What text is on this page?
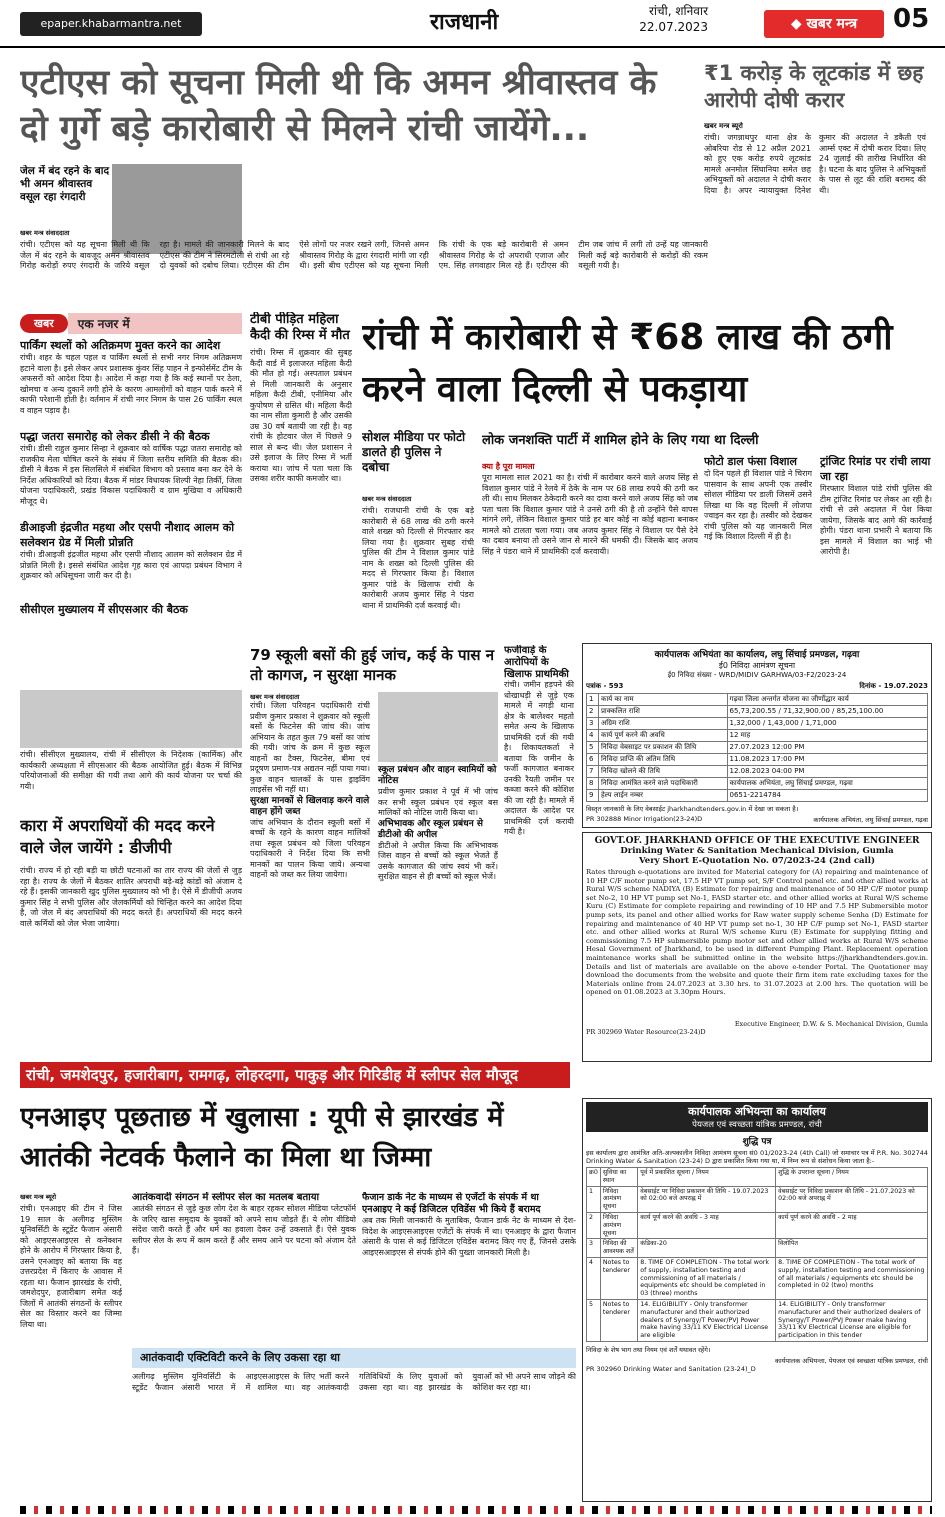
epaper.khabarmantra.net	राजधानी	रांची, शनिवार
22.07.2023	◆ खबर मन्त्र	05
एटीएस को सूचना मिली थी कि अमन श्रीवास्तव के दो गुर्गे बड़े कारोबारी से मिलने रांची जायेंगे...
₹1 करोड़ के लूटकांड में छह आरोपी दोषी करार
खबर मन्त्र ब्यूरो
रांची। जगन्नाथपुर थाना क्षेत्र के ओबरिया रोड से 12 अप्रैल 2021 को हुए एक करोड़ रुपये लूटकांड मामले अनमोल सिंघानिया समेत छह अभियुक्तों को अदालत ने दोषी करार दिया है। अपर न्यायायुक्त दिनेश कुमार की अदालत ने डकैती एवं आर्म्स एक्ट में दोषी करार दिया। लिए 24 जुलाई की तारीख निर्धारित की है। घटना के बाद पुलिस ने अभियुक्तों के पास से लूट की राशि बरामद की थी।
जेल में बंद रहने के बाद भी अमन श्रीवास्तव वसूल रहा रंगदारी
खबर मन्त्र संवाददाता
रांची। एटीएस को यह सूचना मिली थी कि जेल में बंद रहने के बावजूद अमन श्रीवास्तव गिरोह करोड़ों रुपए रंगदारी के जरिये वसूल रहा है। मामले की जानकारी मिलने के बाद एटीएस की टीम ने सिरमटोली से रांची आ रहे दो युवकों को दबोच लिया। एटीएस की टीम ऐसे लोगों पर नजर रखने लगी, जिनसे अमन श्रीवास्तव गिरोह के द्वारा रंगदारी मांगी जा रही थी। इसी बीच एटीएस को यह सूचना मिली कि रांची के एक बड़े कारोबारी से अमन श्रीवास्तव गिरोह के दो अपराधी एजाज और एम. सिंह लगवाहार मिल रहे हैं। एटीएस की टीम जब जांच में लगी तो उन्हें यह जानकारी मिली कई बड़े कारोबारी से करोड़ों की रकम वसूली गयी है।
खबर	एक नजर में
पार्किंग स्थलों को अतिक्रमण मुक्त करने का आदेश
रांची। शहर के चहल पहल व पार्किंग स्थलों से सभी नगर निगम अतिक्रमण हटाने वाला है। इसे लेकर अपर प्रशासक कुंवर सिंह पाहन ने इन्फोर्समेंट टीम के अफसरों को आदेश दिया है। आदेश में कहा गया है कि कई स्थानों पर ठेला, खोमचा व अन्य दुकानें लगी होने के कारण आमलोगों को वाहन पार्क करने में काफी परेशानी होती है। वर्तमान में रांची नगर निगम के पास 26 पार्किंग स्थल व वाहन पड़ाव है।
पद्धा जतरा समारोह को लेकर डीसी ने की बैठक
रांची। डीसी राहुल कुमार सिन्हा ने शुक्रवार को वार्षिक पद्धा जतरा समारोह को राजकीय मेला घोषित करने के संबंध में जिला स्तरीय समिति की बैठक की। डीसी ने बैठक में इस सिलसिले में संबंधित विभाग को प्रस्ताव बना कर देने के निर्देश अधिकारियों को दिया। बैठक में मांडर विधायक शिल्पी नेहा तिर्की, जिला योजना पदाधिकारी, प्रखंड विकास पदाधिकारी व ग्राम मुखिया व अधिकारी मौजूद थे।
डीआइजी इंद्रजीत महथा और एसपी नौशाद आलम को सलेक्शन ग्रेड में मिली प्रोन्नति
रांची। डीआइजी इंद्रजीत महथा और एसपी नौशाद आलम को सलेक्शन ग्रेड में प्रोन्नति मिली है। इससे संबंधित आदेश गृह कारा एवं आपदा प्रबंधन विभाग ने शुक्रवार को अधिसूचना जारी कर दी है।
सीसीएल मुख्यालय में सीएसआर की बैठक
रांची। सीसीएल मुख्यालय, रांची में सीसीएल के निदेशक (कार्मिक) और कार्यकारी अध्यक्षता में सीएसआर की बैठक आयोजित हुई। बैठक में विभिन्न परियोजनाओं की समीक्षा की गयी तथा आगे की कार्य योजना पर चर्चा की गयी।
कारा में अपराधियों की मदद करने वाले जेल जायेंगे : डीजीपी
रांची। राज्य में हो रही बड़ी या छोटी घटनाओं का तार राज्य की जेलों से जुड़ रहा है। राज्य के जेलों में बैठकर शातिर अपराधी बड़े-बड़े कांडों को अंजाम दे रहे हैं। इसकी जानकारी खुद पुलिस मुख्यालय को भी है। ऐसे में डीजीपी अजय कुमार सिंह ने सभी पुलिस और जेलकर्मियों को चिन्हित करने का आदेश दिया है, जो जेल में बंद अपराधियों की मदद करते हैं। अपराधियों की मदद करने वाले कर्मियों को जेल भेजा जायेगा।
टीबी पीड़ित महिला कैदी की रिम्स में मौत
रांची। रिम्स में शुक्रवार की सुबह कैदी वार्ड में इलाजरत महिला कैदी की मौत हो गई। अस्पताल प्रबंधन से मिली जानकारी के अनुसार महिला कैदी टीबी, एनीमिया और कुपोषण से ग्रसित थी। महिला कैदी का नाम सीता कुमारी है और उसकी उम्र 30 वर्ष बतायी जा रही है। वह रांची के होटवार जेल में पिछले 9 साल से बन्द थी। जेल प्रशासन ने उसे इलाज के लिए रिम्स में भर्ती कराया था। जांच में पता चला कि उसका शरीर काफी कमजोर था।
रांची में कारोबारी से ₹68 लाख की ठगी करने वाला दिल्ली से पकड़ाया
सोशल मीडिया पर फोटो डालते ही पुलिस ने दबोचा
खबर मन्त्र संवाददाता
रांची। राजधानी रांची के एक बड़े कारोबारी से 68 लाख की ठगी करने वाले शख्स को दिल्ली से गिरफ्तार कर लिया गया है। शुक्रवार सुबह रांची पुलिस की टीम ने विशाल कुमार पांडे नाम के शख्स को दिल्ली पुलिस की मदद से गिरफ्तार किया है। विशाल कुमार पांडे के खिलाफ रांची के कारोबारी अजय कुमार सिंह ने पंडरा थाना में प्राथमिकी दर्ज करवाई थी।
लोक जनशक्ति पार्टी में शामिल होने के लिए गया था दिल्ली
क्या है पूरा मामला
पूरा मामला साल 2021 का है। रांची में कारोबार करने वाले अजय सिंह से विशाल कुमार पांडे ने रेलवे में ठेके के नाम पर 68 लाख रुपये की ठगी कर ली थी। साथ मिलकर ठेकेदारी करने का दावा करने वाले अजय सिंह को जब पता चला कि विशाल कुमार पांडे ने उनसे ठगी की है तो उन्होंने पैसे वापस मांगने लगे, लेकिन विशाल कुमार पांडे हर बार कोई ना कोई बहाना बनाकर मामले को टालता चला गया। जब अजय कुमार सिंह ने विशाल पर पैसे देने का दबाव बनाया तो उसने जान से मारने की धमकी दी। जिसके बाद अजय सिंह ने पंडरा थाने में प्राथमिकी दर्ज करवायी।
फोटो डाल फंसा विशाल
दो दिन पहले ही विशाल पांडे ने चिराग पासवान के साथ अपनी एक तस्वीर सोशल मीडिया पर डाली जिसमें उसने लिखा था कि वह दिल्ली में लोजपा ज्वाइन कर रहा है। तस्वीर को देखकर रांची पुलिस को यह जानकारी मिल गई कि विशाल दिल्ली में ही है।
ट्रांजिट रिमांड पर रांची लाया जा रहा
गिरफ्तार विशाल पांडे रांची पुलिस की टीम ट्रांजिट रिमांड पर लेकर आ रही है। रांची से उसे अदालत में पेश किया जायेगा, जिसके बाद आगे की कार्रवाई होगी। पंडरा थाना प्रभारी ने बताया कि इस मामले में विशाल का भाई भी आरोपी है।
79 स्कूली बसों की हुई जांच, कई के पास न तो कागज, न सुरक्षा मानक
खबर मन्त्र संवाददाता
रांची। जिला परिवहन पदाधिकारी रांची प्रवीण कुमार प्रकाश ने शुक्रवार को स्कूली बसों के फिटनेस की जांच की। जांच अभियान के तहत कुल 79 बसों का जांच की गयी। जांच के क्रम में कुछ स्कूल वाहनों का टैक्स, फिटनेस, बीमा एवं प्रदूषण प्रमाण-पत्र अद्यतन नहीं पाया गया। कुछ वाहन चालकों के पास ड्राइविंग लाइसेंस भी नहीं था।
सुरक्षा मानकों से खिलवाड़ करने वाले वाहन होंगे जब्त
जांच अभियान के दौरान स्कूली बसों में बच्चों के रहने के कारण वाहन मालिकों तथा स्कूल प्रबंधन को जिला परिवहन पदाधिकारी ने निर्देश दिया कि सभी मानकों का पालन किया जाये। अन्यथा वाहनों को जब्त कर लिया जायेगा।
स्कूल प्रबंधन और वाहन स्वामियों को नोटिस
प्रवीण कुमार प्रकाश ने पूर्व में भी जांच कर सभी स्कूल प्रबंधन एवं स्कूल बस मालिकों को नोटिस जारी किया था।
अभिभावक और स्कूल प्रबंधन से डीटीओ की अपील
डीटीओ ने अपील किया कि अभिभावक जिस वाहन से बच्चों को स्कूल भेजते हैं उसके कागजात की जांच स्वयं भी करें। सुरक्षित वाहन से ही बच्चों को स्कूल भेजें।
फर्जीवाड़े के आरोपियों के खिलाफ प्राथमिकी
रांची। जमीन हड़पने की धोखाधड़ी से जुड़े एक मामले में नगड़ी थाना क्षेत्र के बालेश्वर महतो समेत अन्य के खिलाफ प्राथमिकी दर्ज की गयी है। शिकायतकर्ता ने बताया कि जमीन के फर्जी कागजात बनाकर उनकी रैयती जमीन पर कब्जा करने की कोशिश की जा रही है। मामले में अदालत के आदेश पर प्राथमिकी दर्ज करायी गयी है।
कार्यपालक अभियंता का कार्यालय, लघु सिंचाई प्रमण्डल, गढ़वा
ई0 निविदा आमंत्रण सूचना
ई0 निविदा संख्या - WRD/MIDIV GARHWA/03-F2/2023-24
पत्रांक - 593	दिनांक - 19.07.2023
1	कार्य का नाम	गढ़वा जिला अन्तर्गत योजना का जीर्णोद्धार कार्य
2	प्राक्कलित राशि	65,73,200.55 / 71,32,900.00 / 85,25,100.00
3	अग्रिम राशि	1,32,000 / 1,43,000 / 1,71,000
4	कार्य पूर्ण करने की अवधि	12 माह
5	निविदा वेबसाइट पर प्रकाशन की तिथि	27.07.2023 12:00 PM
6	निविदा प्राप्ति की अंतिम तिथि	11.08.2023 17:00 PM
7	निविदा खोलने की तिथि	12.08.2023 04:00 PM
8	निविदा आमंत्रित करने वाले पदाधिकारी	कार्यपालक अभियंता, लघु सिंचाई प्रमण्डल, गढ़वा
9	हेल्प लाईन नम्बर	0651-2214784
विस्तृत जानकारी के लिए वेबसाईट jharkhandtenders.gov.in में देखा जा सकता है।
PR 302888 Minor Irrigation(23-24)D	कार्यपालक अभियंता, लघु सिंचाई प्रमण्डल, गढ़वा
GOVT.OF. JHARKHAND OFFICE OF THE EXECUTIVE ENGINEER
Drinking Water & Sanitation Mechanical Division, Gumla
Very Short E-Quotation No. 07/2023-24 (2nd call)
Rates through e-quotations are invited for Material category for (A) repairing and maintenance of 10 HP C/F motor pump set, 17.5 HP VT pump set, S/F Control panel etc. and other allied works at Rural W/S scheme NADIYA (B) Estimate for repairing and maintenance of 50 HP C/F motor pump set No-2, 10 HP VT pump set No-1, FASD starter etc. and other allied works at Rural W/S scheme Kuru (C) Estimate for complete repairing and rewinding of 10 HP and 7.5 HP Submersible motor pump sets, its panel and other allied works for Raw water supply scheme Senha (D) Estimate for repairing and maintenance of 40 HP VT pump set no-1, 30 HP C/F pump set No-1, FASD starter etc. and other allied works at Rural W/S scheme Kuru (E) Estimate for supplying fitting and commissioning 7.5 HP submersible pump motor set and other allied works at Rural W/S scheme Hesal Government of Jharkhand, to be used in different Pumping Plant. Replacement operation maintenance works shall be submitted online in the website https://jharkhandtenders.gov.in. Details and list of materials are available on the above e-tender Portal. The Quotationer may download the documents from the website and quote their firm item rate excluding taxes for the Materials online from 24.07.2023 at 3.30 hrs. to 31.07.2023 at 2.00 hrs. The quotation will be opened on 01.08.2023 at 3.30pm Hours.
Executive Engineer, D.W. & S. Mechanical Division, Gumla
PR 302969 Water Resource(23-24)D
रांची, जमशेदपुर, हजारीबाग, रामगढ़, लोहरदगा, पाकुड़ और गिरिडीह में स्लीपर सेल मौजूद
एनआइए पूछताछ में खुलासा : यूपी से झारखंड में आतंकी नेटवर्क फैलाने का मिला था जिम्मा
खबर मन्त्र ब्यूरो
रांची। एनआइए की टीम ने जिस 19 साल के अलीगढ़ मुस्लिम यूनिवर्सिटी के स्टूडेंट फैजान अंसारी को आइएसआइएस से कनेक्शन होने के आरोप में गिरफ्तार किया है, उसने एनआइए को बताया कि वह उत्तरप्रदेश में किराए के आवास में रहता था। फैजान झारखंड के रांची, जमशेदपुर, हजारीबाग समेत कई जिलों में आतंकी संगठनों के स्लीपर सेल का विस्तार करने का जिम्मा लिया था।
आतंकवादी संगठन में स्लीपर सेल का मतलब बताया
आतंकी संगठन से जुड़े कुछ लोग देश के बाहर रहकर सोशल मीडिया प्लेटफॉर्म के जरिए खास समुदाय के युवकों को अपने साथ जोड़ते हैं। ये लोग वीडियो संदेश जारी करते हैं और धर्म का हवाला देकर उन्हें उकसाते हैं। ऐसे युवक स्लीपर सेल के रूप में काम करते हैं और समय आने पर घटना को अंजाम देते हैं।
फैजान डार्क नेट के माध्यम से एजेंटों के संपर्क में था
एनआइए ने कई डिजिटल एविडेंस भी किये हैं बरामद
अब तक मिली जानकारी के मुताबिक, फैजान डार्क नेट के माध्यम से देश-विदेश के आइएसआइएस एजेंटों के संपर्क में था। एनआइए के द्वारा फैजान अंसारी के पास से कई डिजिटल एविडेंस बरामद किए गए हैं, जिनसे उसके आइएसआइएस से संपर्क होने की पुख्ता जानकारी मिली है।
आतंकवादी एक्टिविटी करने के लिए उकसा रहा था
अलीगढ़ मुस्लिम यूनिवर्सिटी के स्टूडेंट फैजान अंसारी भारत में आइएसआइएस के लिए भर्ती करने में शामिल था। वह आतंकवादी गतिविधियों के लिए युवाओं को उकसा रहा था। वह झारखंड के युवाओं को भी अपने साथ जोड़ने की कोशिश कर रहा था।
कार्यपालक अभियन्ता का कार्यालय
पेयजल एवं स्वच्छता यांत्रिक प्रमण्डल, रांची
शुद्धि पत्र
इस कार्यालय द्वारा आमंत्रित अति-अल्पकालीन निविदा आमंत्रण सूचना सं0 01/2023-24 (4th Call) जो समाचार पत्र में P.R. No. 302744 Drinking Water & Sanitation (23-24) D द्वारा प्रकाशित किया गया था, में निम्न रूप से संशोधन किया जाता है:-
क्र0	सुविधा का स्थान	पूर्व में प्रकाशित सूचना / नियम	शुद्धि के उपरान्त सूचना / नियम
1	निविदा आमंत्रण सूचना	वेबसाईट पर निविदा प्रकाशन की तिथि - 19.07.2023 को 02:00 बजे अपराह्न में	वेबसाईट पर निविदा प्रकाशन की तिथि - 21.07.2023 को 02:00 बजे अपराह्न में
2	निविदा आमंत्रण सूचना	कार्य पूर्ण करने की अवधि - 3 माह	कार्य पूर्ण करने की अवधि - 2 माह
3	निविदा की आवश्यक शर्तें	कंडिका-20	विलोपित
4	Notes to tenderer	8. TIME OF COMPLETION - The total work of supply, installation testing and commissioning of all materials / equipments etc should be completed in 03 (three) months	8. TIME OF COMPLETION - The total work of supply, installation testing and commissioning of all materials / equipments etc should be completed in 02 (two) months
5	Notes to tenderer	14. ELIGIBILITY - Only transformer manufacturer and their authorized dealers of Synergy/T Power/PVJ Power make having 33/11 KV Electrical License are eligible	14. ELIGIBILITY - Only transformer manufacturer and their authorized dealers of Synergy/T Power/PVJ Power make having 33/11 KV Electrical License are eligible for participation in this tender
निविदा के शेष भाग तथा नियम एवं शर्तें यथावत रहेंगे।
कार्यपालक अभियन्ता, पेयजल एवं स्वच्छता यांत्रिक प्रमण्डल, रांची
PR 302960 Drinking Water and Sanitation (23-24)_D
